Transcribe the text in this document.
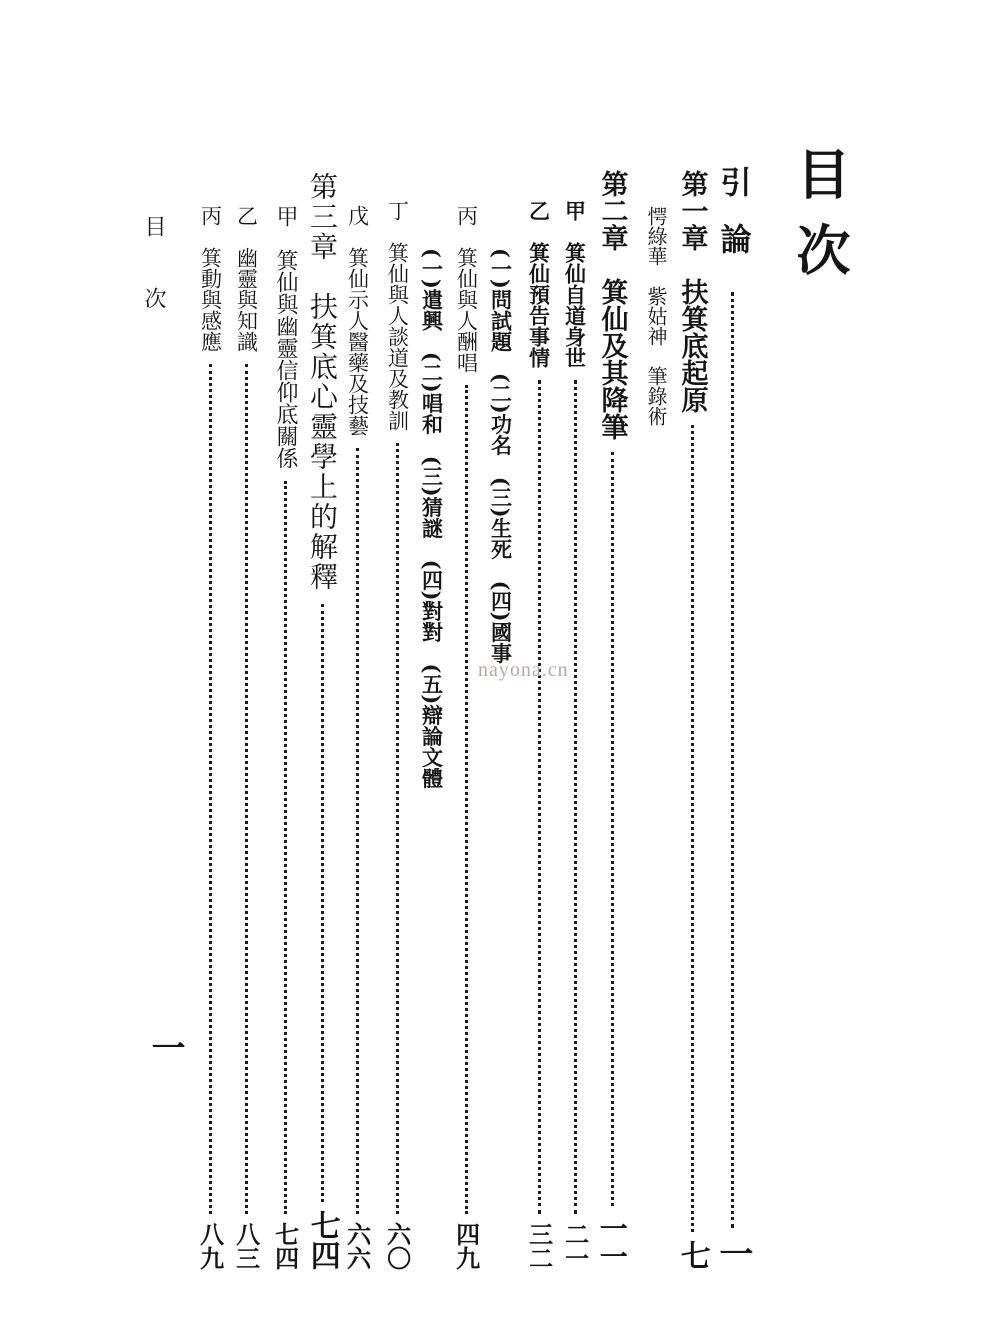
目次
引論
一
第一章　扶箕底起原
七
愕綠華　紫姑神　筆錄術
第二章　箕仙及其降筆
一一
甲　箕仙自道身世
二一
乙　箕仙預告事情
三二
(一)問試題　(二)功名　(三)生死　(四)國事
丙　箕仙與人酬唱
四九
(一)遣興　(二)唱和　(三)猜謎　(四)對對　(五)辯論文體
丁　箕仙與人談道及教訓
六〇
戊　箕仙示人醫藥及技藝
六六
第三章　扶箕底心靈學上的解釋
七四
甲　箕仙與幽靈信仰底關係
七四
乙　幽靈與知識
八三
丙　箕動與感應
八九
目　次
一
nayona.cn
